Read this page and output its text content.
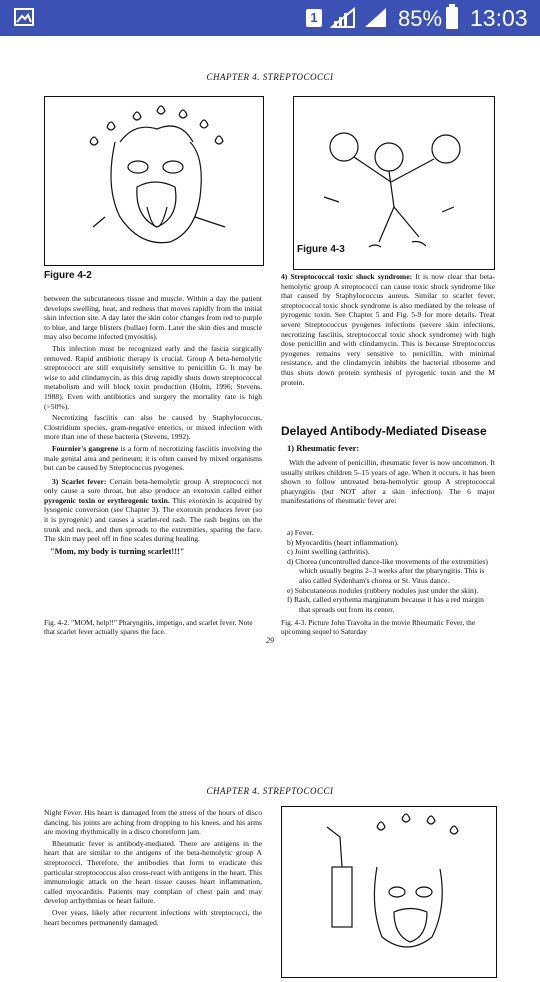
1	85% 13:03
CHAPTER 4. STREPTOCOCCI
Figure 4-2
Figure 4-3

between the subcutaneous tissue and muscle. Within a day the patient develops swelling, heat, and redness that moves rapidly from the initial skin infection site. A day later the skin color changes from red to purple to blue, and large blisters (bullae) form. Later the skin dies and muscle may also become infected (myositis).

This infection must be recognized early and the fascia surgically removed. Rapid antibiotic therapy is crucial. Group A beta-hemolytic streptococci are still exquisitely sensitive to penicillin G. It may be wise to add clindamycin, as this drug rapidly shuts down streptococcal metabolism and will block toxin production (Holm, 1996; Stevens, 1988). Even with antibiotics and surgery the mortality rate is high (>50%).

Necrotizing fasciitis can also be caused by Staphylococcus, Clostridium species, gram-negative enterics, or mixed infection with more than one of these bacteria (Stevens, 1992).

Fournier's gangrene is a form of necrotizing fasciitis involving the male genital area and perineum; it is often caused by mixed organisms but can be caused by Streptococcus pyogenes.

3) Scarlet fever: Certain beta-hemolytic group A streptococci not only cause a sore throat, but also produce an exotoxin called either pyrogenic toxin or erythrogenic toxin. This exotoxin is acquired by lysogenic conversion (see Chapter 3). The exotoxin produces fever (so it is pyrogenic) and causes a scarlet-red rash. The rash begins on the trunk and neck, and then spreads to the extremities, sparing the face. The skin may peel off in fine scales during healing.

"Mom, my body is turning scarlet!!!"

4) Streptococcal toxic shock syndrome: It is now clear that beta-hemolytic group A streptococci can cause toxic shock syndrome like that caused by Staphylococcus aureus. Similar to scarlet fever, streptococcal toxic shock syndrome is also mediated by the release of pyrogenic toxin. See Chapter 5 and Fig. 5-9 for more details. Treat severe Streptococcus pyogenes infections (severe skin infections, necrotizing fasciitis, streptococcal toxic shock syndrome) with high dose penicillin and with clindamycin. This is because Streptococcus pyogenes remains very sensitive to penicillin, with minimal resistance, and the clindamycin inhibits the bacterial ribosome and thus shuts down protein synthesis of pyrogenic toxin and the M protein.

Delayed Antibody-Mediated Disease
1) Rheumatic fever:

With the advent of penicillin, rheumatic fever is now uncommon. It usually strikes children 5–15 years of age. When it occurs, it has been shown to follow untreated beta-hemolytic group A streptococcal pharyngitis (but NOT after a skin infection). The 6 major manifestations of rheumatic fever are:

a) Fever.
b) Myocarditis (heart inflammation).
c) Joint swelling (arthritis).
d) Chorea (uncontrolled dance-like movements of the extremities) which usually begins 2–3 weeks after the pharyngitis. This is also called Sydenham's chorea or St. Vitus dance.
e) Subcutaneous nodules (rubbery nodules just under the skin).
f) Rash, called erythema marginatum because it has a red margin that spreads out from its center.
Fig. 4-2. "MOM, help!!" Pharyngitis, impetigo, and scarlet fever. Note that scarlet fever actually spares the face.
Fig. 4-3. Picture John Travolta in the movie Rheumatic Fever, the upcoming sequel to Saturday
29
CHAPTER 4. STREPTOCOCCI

Night Fever. His heart is damaged from the stress of the hours of disco dancing, his joints are aching from dropping to his knees, and his arms are moving rhythmically in a disco choreiform jam.

Rheumatic fever is antibody-mediated. There are antigens in the heart that are similar to the antigens of the beta-hemolytic group A streptococci. Therefore, the antibodies that form to eradicate this particular streptococcus also cross-react with antigens in the heart. This immunologic attack on the heart tissue causes heart inflammation, called myocarditis. Patients may complain of chest pain and may develop arrhythmias or heart failure.

Over years, likely after recurrent infections with streptococci, the heart becomes permanently damaged.
